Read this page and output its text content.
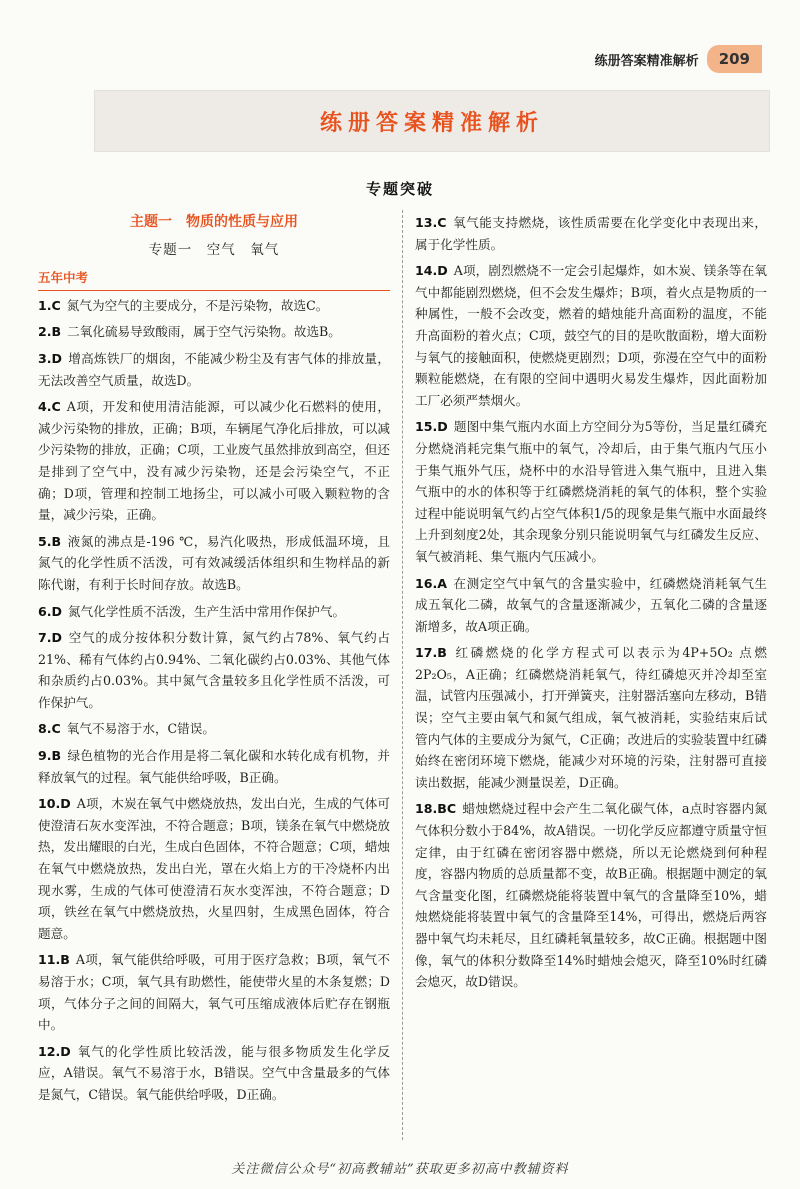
练册答案精准解析	209
练册答案精准解析
专题突破
主题一　物质的性质与应用
专题一　空气　氧气
五年中考
1.C 氮气为空气的主要成分，不是污染物，故选C。
2.B 二氧化硫易导致酸雨，属于空气污染物。故选B。
3.D 增高炼铁厂的烟囱，不能减少粉尘及有害气体的排放量，无法改善空气质量，故选D。
4.C A项，开发和使用清洁能源，可以减少化石燃料的使用，减少污染物的排放，正确；B项，车辆尾气净化后排放，可以减少污染物的排放，正确；C项，工业废气虽然排放到高空，但还是排到了空气中，没有减少污染物，还是会污染空气，不正确；D项，管理和控制工地扬尘，可以减小可吸入颗粒物的含量，减少污染，正确。
5.B 液氮的沸点是-196 ℃，易汽化吸热，形成低温环境，且氮气的化学性质不活泼，可有效减缓活体组织和生物样品的新陈代谢，有利于长时间存放。故选B。
6.D 氮气化学性质不活泼，生产生活中常用作保护气。
7.D 空气的成分按体积分数计算，氮气约占78%、氧气约占21%、稀有气体约占0.94%、二氧化碳约占0.03%、其他气体和杂质约占0.03%。其中氮气含量较多且化学性质不活泼，可作保护气。
8.C 氧气不易溶于水，C错误。
9.B 绿色植物的光合作用是将二氧化碳和水转化成有机物，并释放氧气的过程。氧气能供给呼吸，B正确。
10.D A项，木炭在氧气中燃烧放热，发出白光，生成的气体可使澄清石灰水变浑浊，不符合题意；B项，镁条在氧气中燃烧放热，发出耀眼的白光，生成白色固体，不符合题意；C项，蜡烛在氧气中燃烧放热，发出白光，罩在火焰上方的干冷烧杯内出现水雾，生成的气体可使澄清石灰水变浑浊，不符合题意；D项，铁丝在氧气中燃烧放热，火星四射，生成黑色固体，符合题意。
11.B A项，氧气能供给呼吸，可用于医疗急救；B项，氧气不易溶于水；C项，氧气具有助燃性，能使带火星的木条复燃；D项，气体分子之间的间隔大，氧气可压缩成液体后贮存在钢瓶中。
12.D 氧气的化学性质比较活泼，能与很多物质发生化学反应，A错误。氧气不易溶于水，B错误。空气中含量最多的气体是氮气，C错误。氧气能供给呼吸，D正确。
13.C 氧气能支持燃烧，该性质需要在化学变化中表现出来，属于化学性质。
14.D A项，剧烈燃烧不一定会引起爆炸，如木炭、镁条等在氧气中都能剧烈燃烧，但不会发生爆炸；B项，着火点是物质的一种属性，一般不会改变，燃着的蜡烛能升高面粉的温度，不能升高面粉的着火点；C项，鼓空气的目的是吹散面粉，增大面粉与氧气的接触面积，使燃烧更剧烈；D项，弥漫在空气中的面粉颗粒能燃烧，在有限的空间中遇明火易发生爆炸，因此面粉加工厂必须严禁烟火。
15.D 题图中集气瓶内水面上方空间分为5等份，当足量红磷充分燃烧消耗完集气瓶中的氧气，冷却后，由于集气瓶内气压小于集气瓶外气压，烧杯中的水沿导管进入集气瓶中，且进入集气瓶中的水的体积等于红磷燃烧消耗的氧气的体积，整个实验过程中能说明氧气约占空气体积1/5的现象是集气瓶中水面最终上升到刻度2处，其余现象分别只能说明氧气与红磷发生反应、氧气被消耗、集气瓶内气压减小。
16.A 在测定空气中氧气的含量实验中，红磷燃烧消耗氧气生成五氧化二磷，故氧气的含量逐渐减少，五氧化二磷的含量逐渐增多，故A项正确。
17.B 红磷燃烧的化学方程式可以表示为4P+5O₂ 点燃 2P₂O₅，A正确；红磷燃烧消耗氧气，待红磷熄灭并冷却至室温，试管内压强减小，打开弹簧夹，注射器活塞向左移动，B错误；空气主要由氧气和氮气组成，氧气被消耗，实验结束后试管内气体的主要成分为氮气，C正确；改进后的实验装置中红磷始终在密闭环境下燃烧，能减少对环境的污染，注射器可直接读出数据，能减少测量误差，D正确。
18.BC 蜡烛燃烧过程中会产生二氧化碳气体，a点时容器内氮气体积分数小于84%，故A错误。一切化学反应都遵守质量守恒定律，由于红磷在密闭容器中燃烧，所以无论燃烧到何种程度，容器内物质的总质量都不变，故B正确。根据题中测定的氧气含量变化图，红磷燃烧能将装置中氧气的含量降至10%，蜡烛燃烧能将装置中氧气的含量降至14%，可得出，燃烧后两容器中氧气均未耗尽，且红磷耗氧量较多，故C正确。根据题中图像，氧气的体积分数降至14%时蜡烛会熄灭，降至10%时红磷会熄灭，故D错误。
关注微信公众号“初高教辅站”获取更多初高中教辅资料
